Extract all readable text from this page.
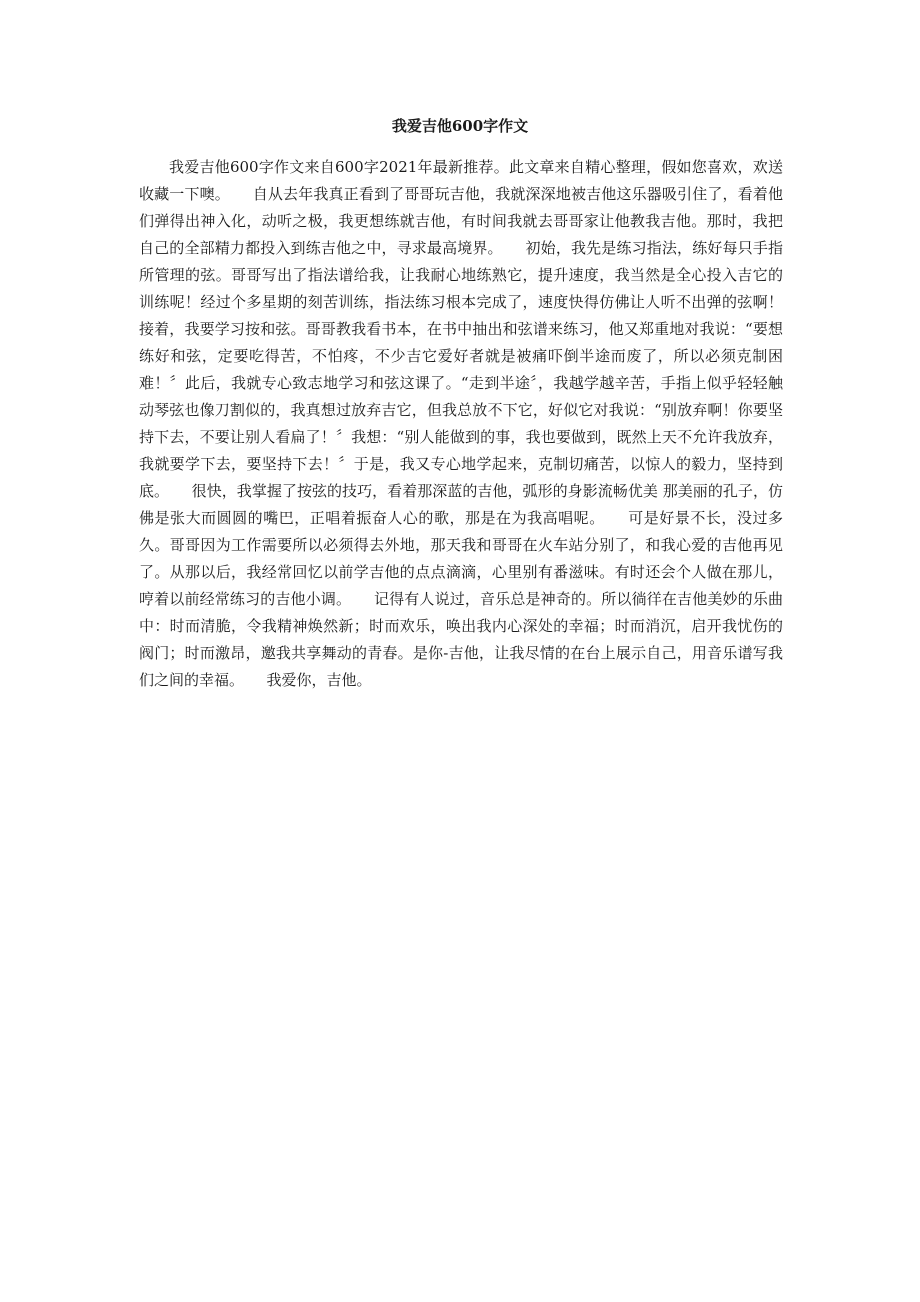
我爱吉他600字作文

我爱吉他600字作文来自600字2021年最新推荐。此文章来自精心整理，假如您喜欢，欢送收藏一下噢。　　自从去年我真正看到了哥哥玩吉他，我就深深地被吉他这乐器吸引住了，看着他们弹得出神入化，动听之极，我更想练就吉他，有时间我就去哥哥家让他教我吉他。那时，我把自己的全部精力都投入到练吉他之中，寻求最高境界。　　初始，我先是练习指法，练好每只手指所管理的弦。哥哥写出了指法谱给我，让我耐心地练熟它，提升速度，我当然是全心投入吉它的训练呢！经过个多星期的刻苦训练，指法练习根本完成了，速度快得仿佛让人听不出弹的弦啊！接着，我要学习按和弦。哥哥教我看书本，在书中抽出和弦谱来练习，他又郑重地对我说：“要想练好和弦，定要吃得苦，不怕疼，不少吉它爱好者就是被痛吓倒半途而废了，所以必须克制困难！〞此后，我就专心致志地学习和弦这课了。“走到半途〞，我越学越辛苦，手指上似乎轻轻触动琴弦也像刀割似的，我真想过放弃吉它，但我总放不下它，好似它对我说：“别放弃啊！你要坚持下去，不要让别人看扁了！〞我想：“别人能做到的事，我也要做到，既然上天不允许我放弃，我就要学下去，要坚持下去！〞于是，我又专心地学起来，克制切痛苦，以惊人的毅力，坚持到底。　　很快，我掌握了按弦的技巧，看着那深蓝的吉他，弧形的身影流畅优美 那美丽的孔子，仿佛是张大而圆圆的嘴巴，正唱着振奋人心的歌，那是在为我高唱呢。　　可是好景不长，没过多久。哥哥因为工作需要所以必须得去外地，那天我和哥哥在火车站分别了，和我心爱的吉他再见了。从那以后，我经常回忆以前学吉他的点点滴滴，心里别有番滋味。有时还会个人做在那儿，哼着以前经常练习的吉他小调。　　记得有人说过，音乐总是神奇的。所以徜徉在吉他美妙的乐曲中：时而清脆，令我精神焕然新；时而欢乐，唤出我内心深处的幸福；时而消沉，启开我忧伤的阀门；时而激昂，邀我共享舞动的青春。是你-吉他，让我尽情的在台上展示自己，用音乐谱写我们之间的幸福。　　我爱你，吉他。
